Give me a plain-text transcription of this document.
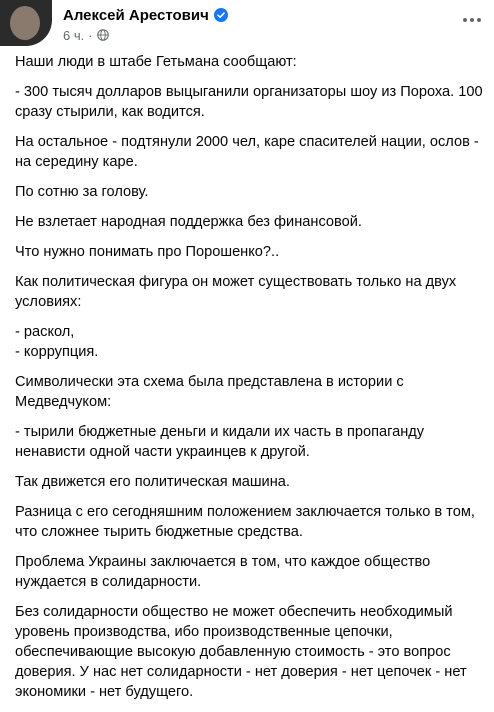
Алексей Арестович
6 ч. ·

Наши люди в штабе Гетьмана сообщают:

- 300 тысяч долларов выцыганили организаторы шоу из Пороха. 100 сразу стырили, как водится.

На остальное - подтянули 2000 чел, каре спасителей нации, ослов - на середину каре.

По сотню за голову.

Не взлетает народная поддержка без финансовой.

Что нужно понимать про Порошенко?..

Как политическая фигура он может существовать только на двух условиях:

- раскол,

- коррупция.

Символически эта схема была представлена в истории с Медведчуком:

- тырили бюджетные деньги и кидали их часть в пропаганду ненависти одной части украинцев к другой.

Так движется его политическая машина.

Разница с его сегодняшним положением заключается только в том, что сложнее тырить бюджетные средства.

Проблема Украины заключается в том, что каждое общество нуждается в солидарности.

Без солидарности общество не может обеспечить необходимый уровень производства, ибо производственные цепочки, обеспечивающие высокую добавленную стоимость - это вопрос доверия. У нас нет солидарности - нет доверия - нет цепочек - нет экономики - нет будущего.
